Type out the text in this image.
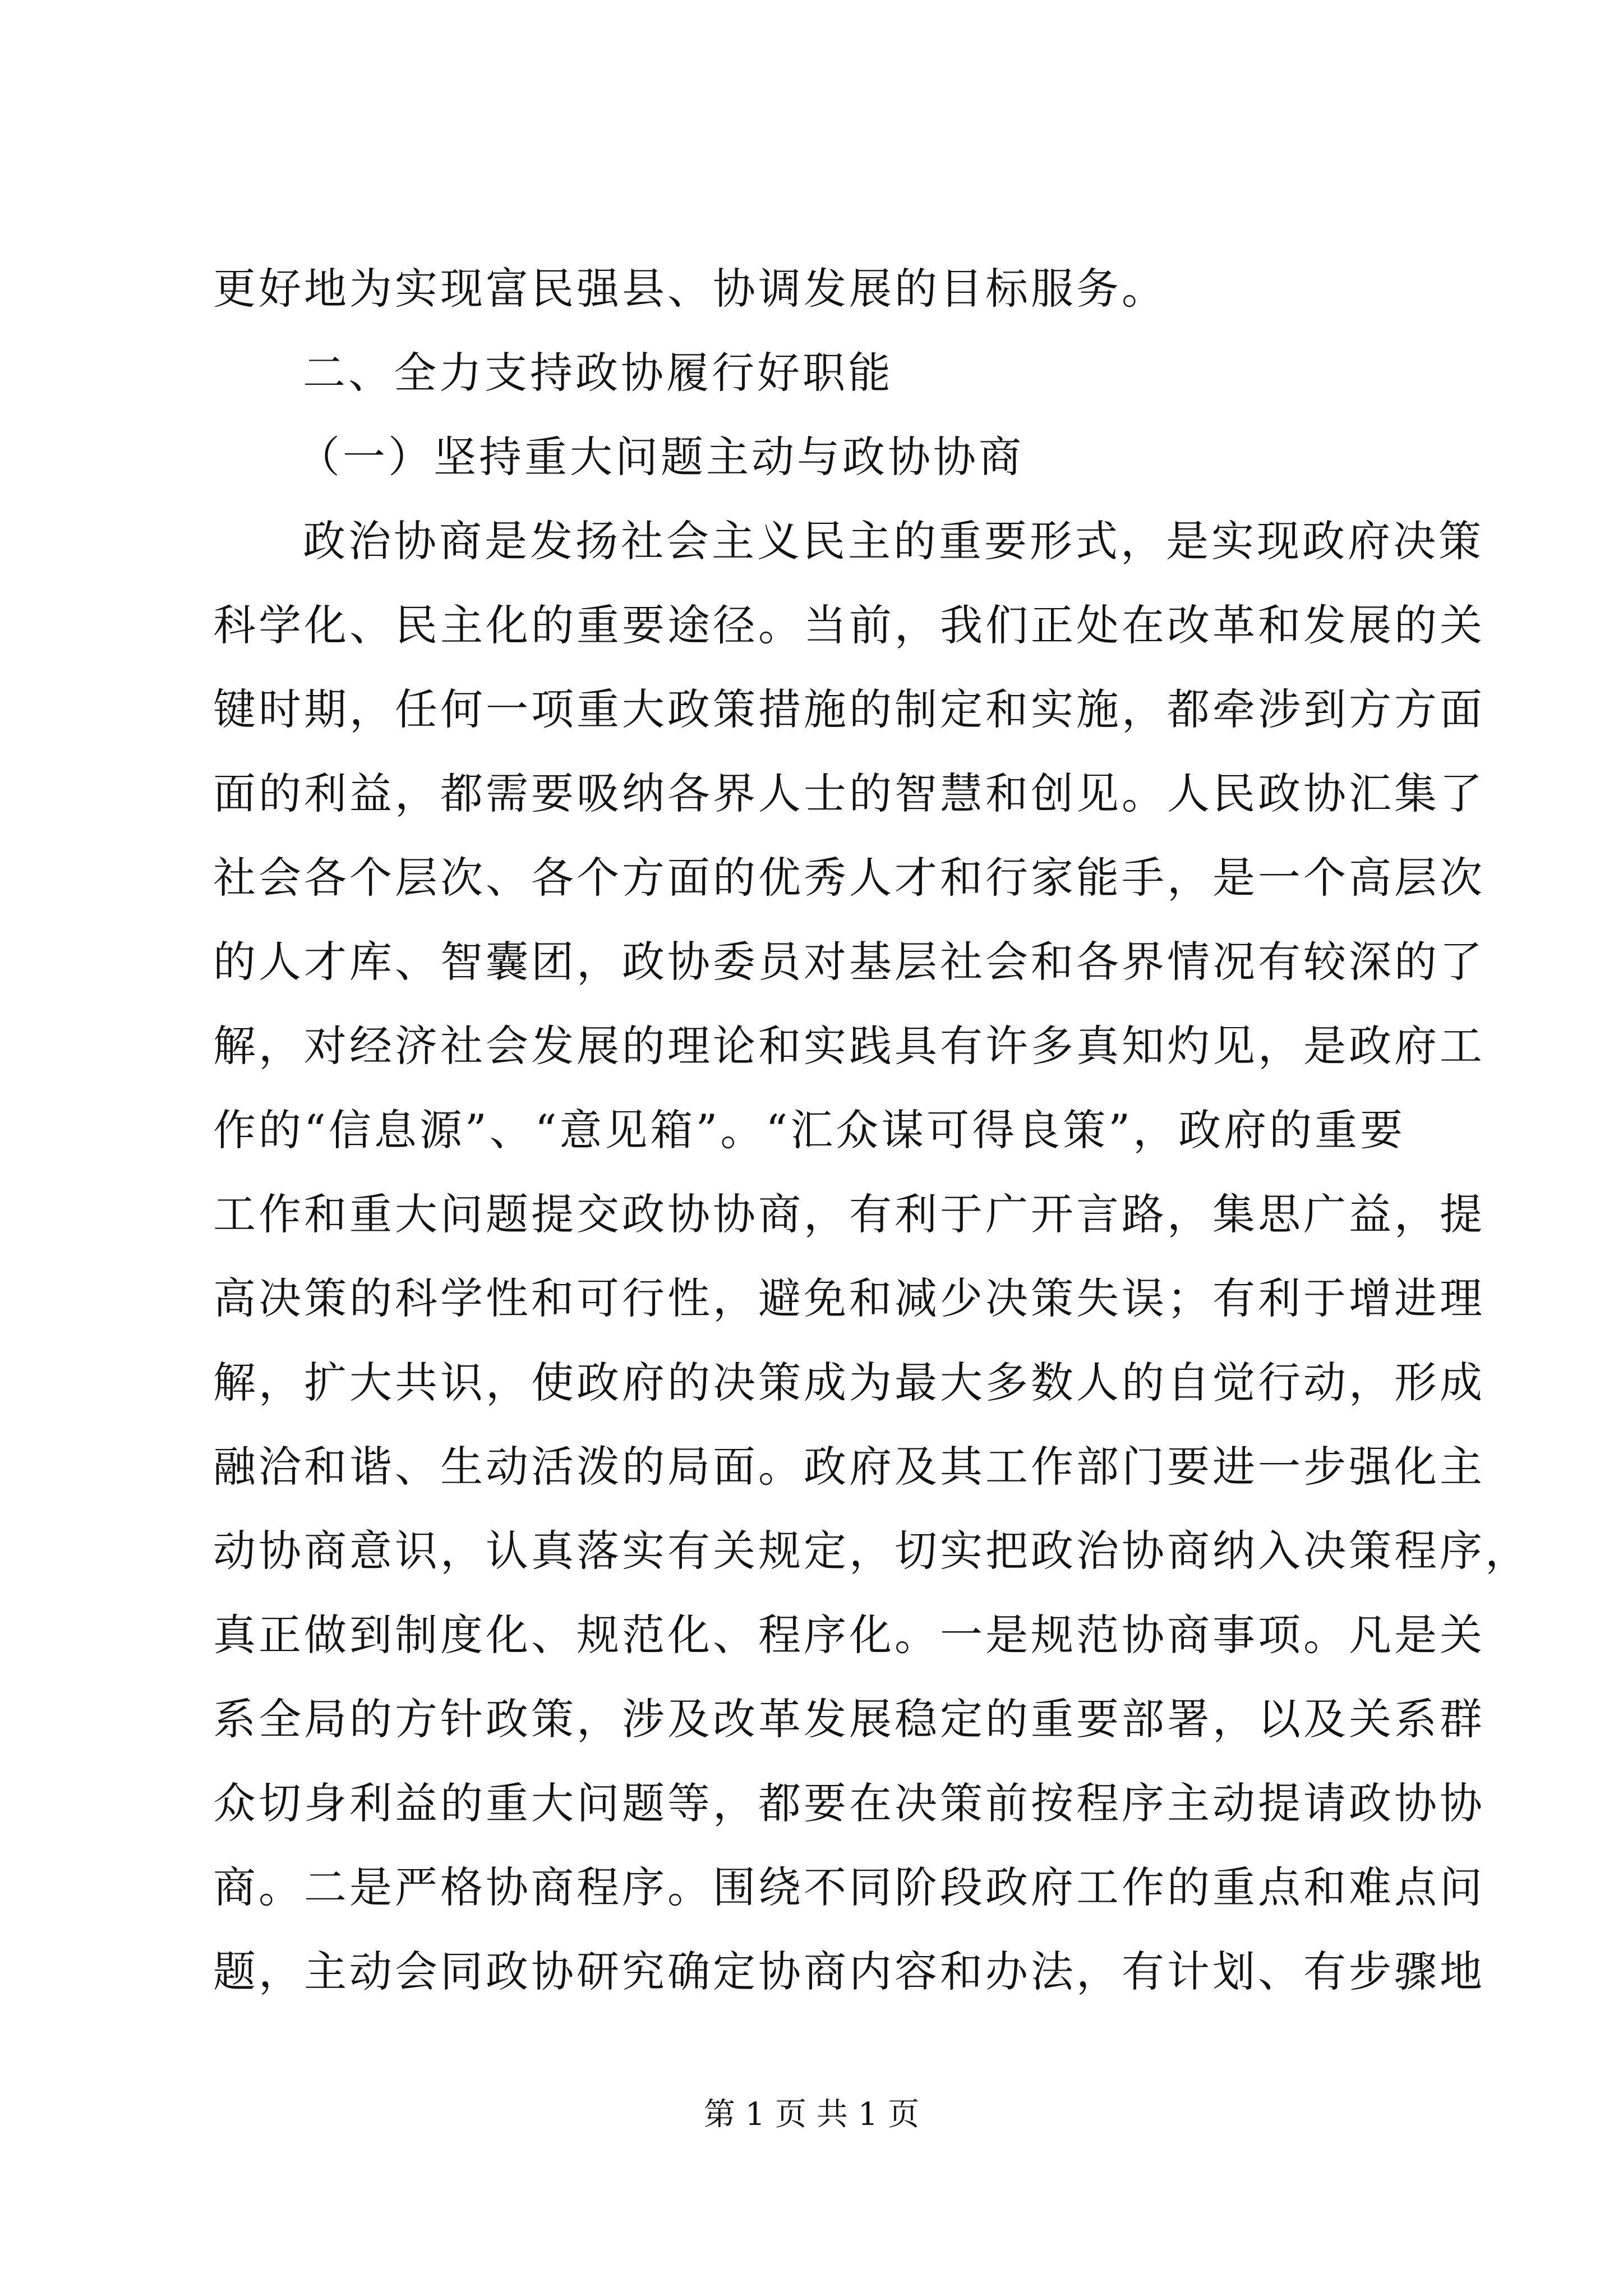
更好地为实现富民强县、协调发展的目标服务。
二、全力支持政协履行好职能
（一）坚持重大问题主动与政协协商
政治协商是发扬社会主义民主的重要形式，是实现政府决策
科学化、民主化的重要途径。当前，我们正处在改革和发展的关
键时期，任何一项重大政策措施的制定和实施，都牵涉到方方面
面的利益，都需要吸纳各界人士的智慧和创见。人民政协汇集了
社会各个层次、各个方面的优秀人才和行家能手，是一个高层次
的人才库、智囊团，政协委员对基层社会和各界情况有较深的了
解，对经济社会发展的理论和实践具有许多真知灼见，是政府工
作的“信息源”、“意见箱”。“汇众谋可得良策”，政府的重要
工作和重大问题提交政协协商，有利于广开言路，集思广益，提
高决策的科学性和可行性，避免和减少决策失误；有利于增进理
解，扩大共识，使政府的决策成为最大多数人的自觉行动，形成
融洽和谐、生动活泼的局面。政府及其工作部门要进一步强化主
动协商意识，认真落实有关规定，切实把政治协商纳入决策程序，
真正做到制度化、规范化、程序化。一是规范协商事项。凡是关
系全局的方针政策，涉及改革发展稳定的重要部署，以及关系群
众切身利益的重大问题等，都要在决策前按程序主动提请政协协
商。二是严格协商程序。围绕不同阶段政府工作的重点和难点问
题，主动会同政协研究确定协商内容和办法，有计划、有步骤地
第 1 页 共 1 页
